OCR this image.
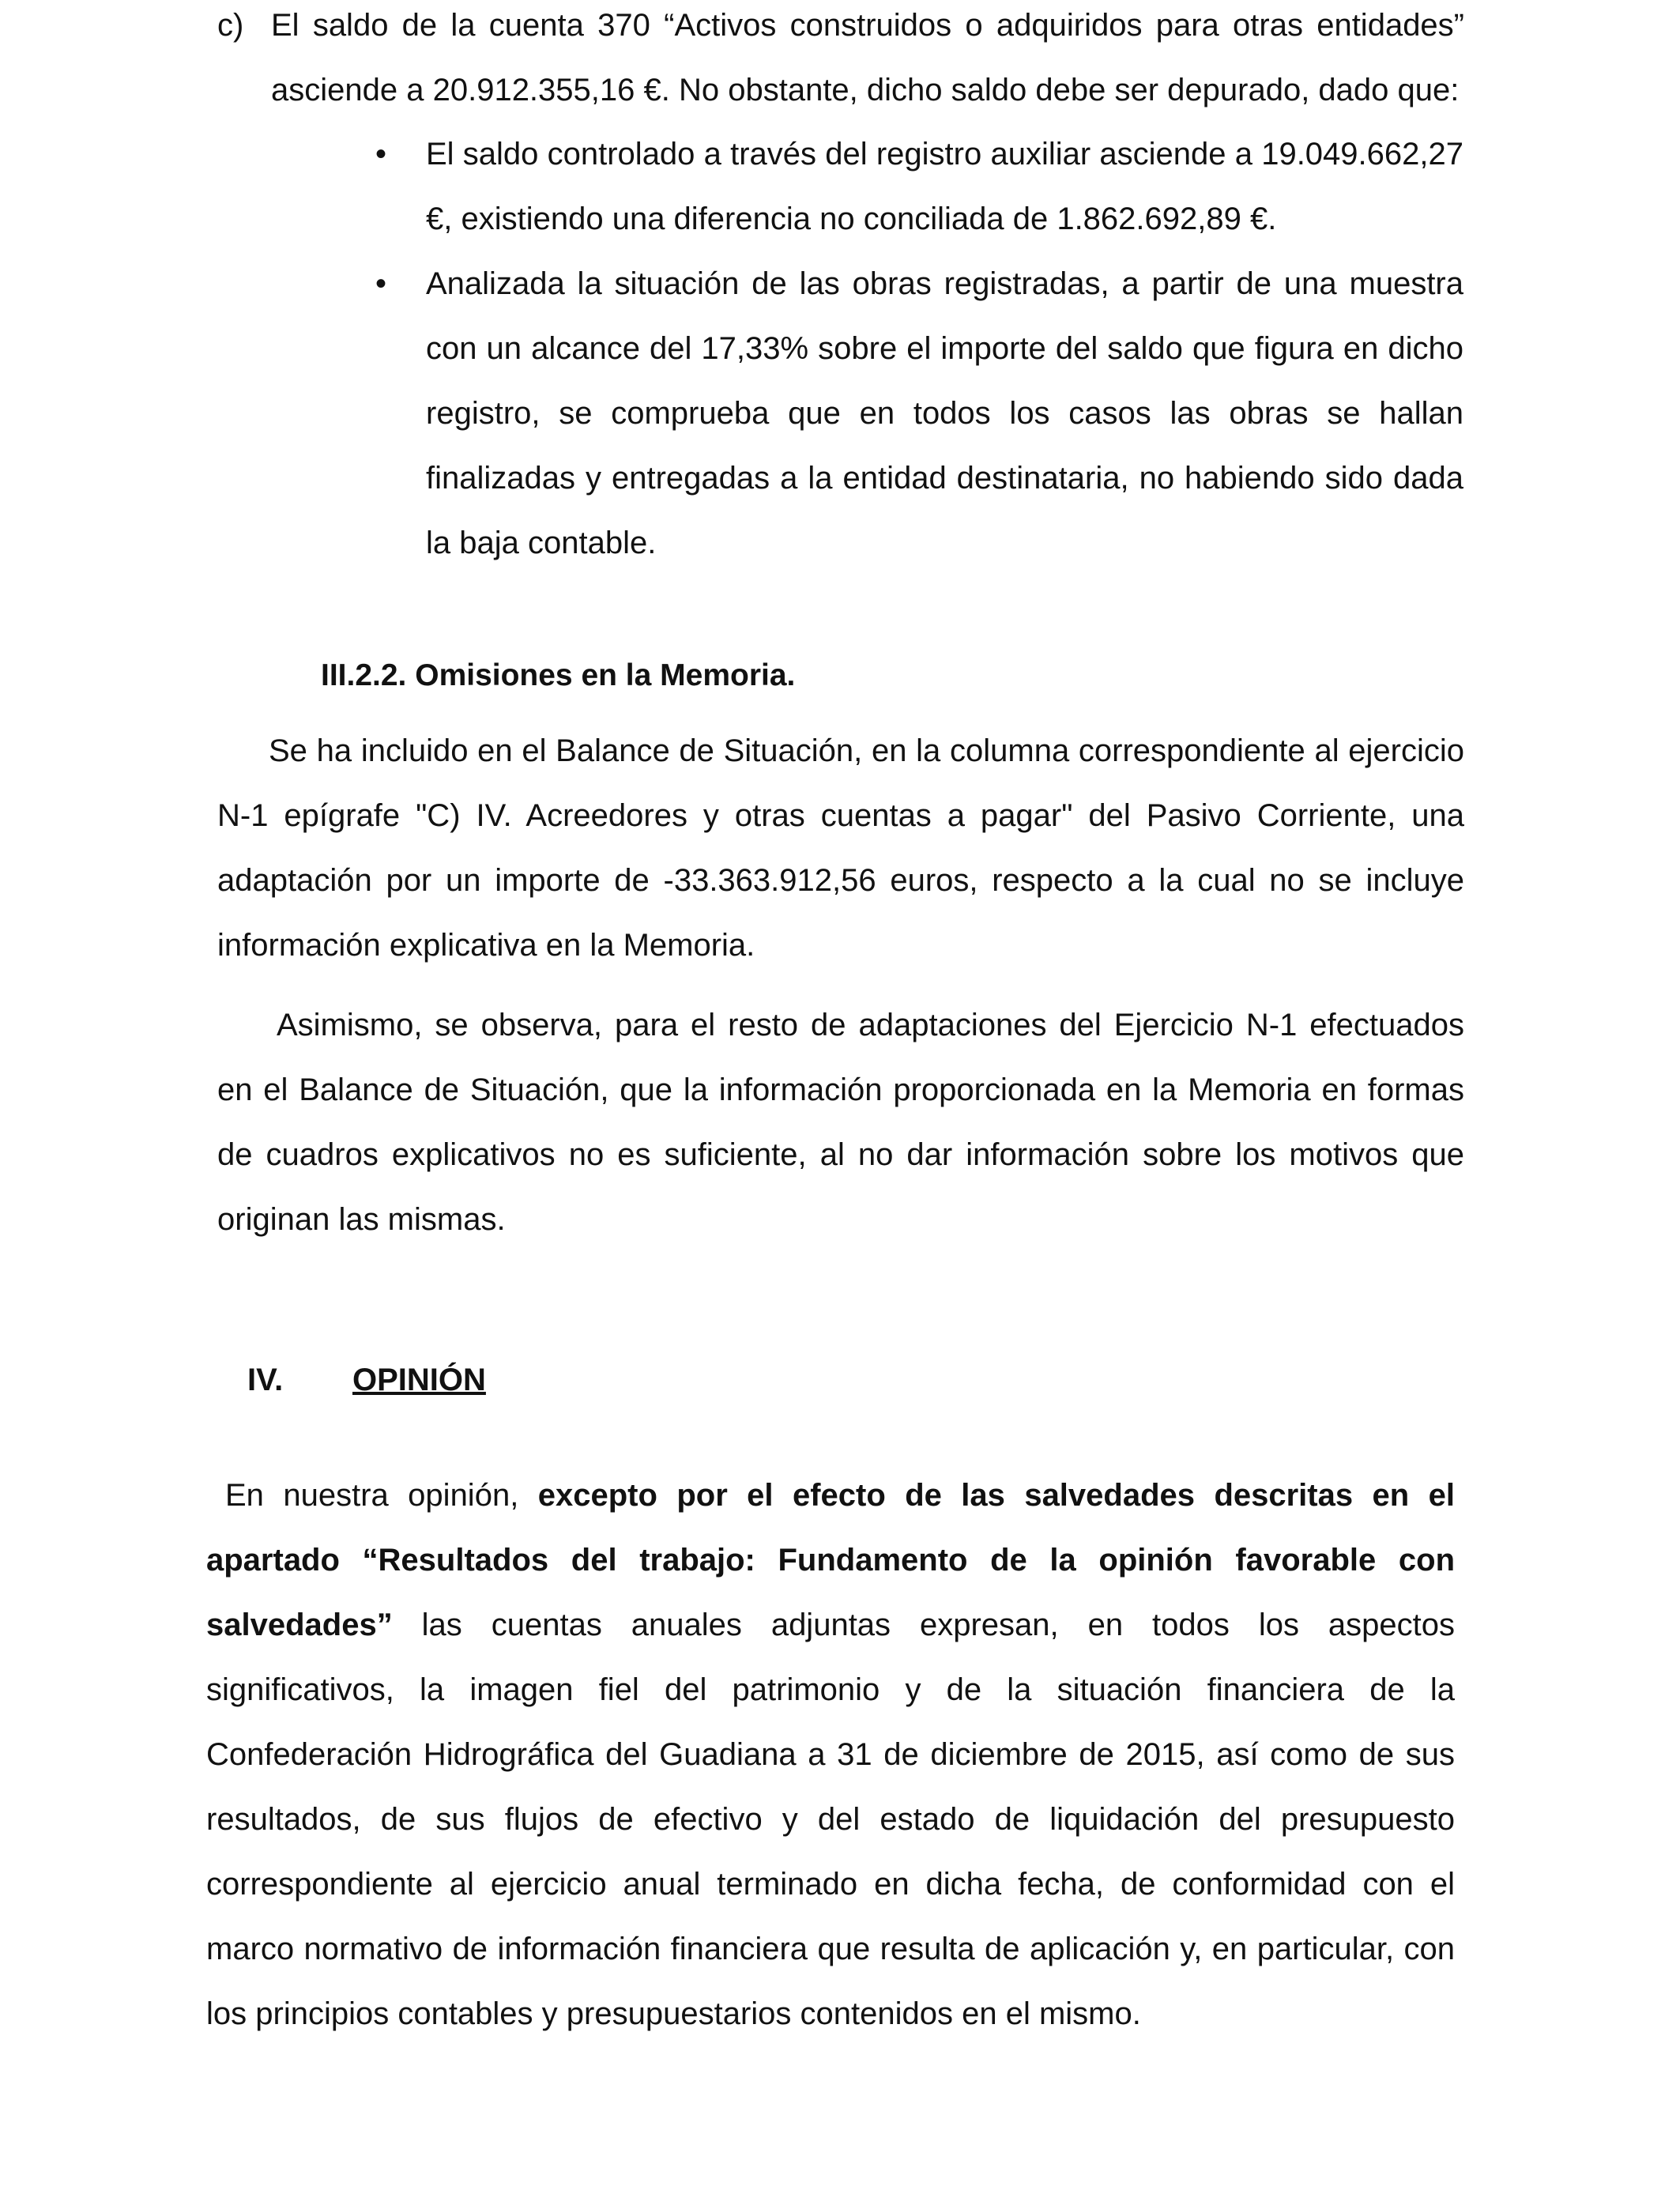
c) El saldo de la cuenta 370 “Activos construidos o adquiridos para otras entidades” asciende a 20.912.355,16 €. No obstante, dicho saldo debe ser depurado, dado que:
• El saldo controlado a través del registro auxiliar asciende a 19.049.662,27 €, existiendo una diferencia no conciliada de 1.862.692,89 €.
• Analizada la situación de las obras registradas, a partir de una muestra con un alcance del 17,33% sobre el importe del saldo que figura en dicho registro, se comprueba que en todos los casos las obras se hallan finalizadas y entregadas a la entidad destinataria, no habiendo sido dada la baja contable.
III.2.2. Omisiones en la Memoria.

Se ha incluido en el Balance de Situación, en la columna correspondiente al ejercicio N-1 epígrafe "C) IV. Acreedores y otras cuentas a pagar" del Pasivo Corriente, una adaptación por un importe de -33.363.912,56 euros, respecto a la cual no se incluye información explicativa en la Memoria.

Asimismo, se observa, para el resto de adaptaciones del Ejercicio N-1 efectuados en el Balance de Situación, que la información proporcionada en la Memoria en formas de cuadros explicativos no es suficiente, al no dar información sobre los motivos que originan las mismas.

IV. OPINIÓN

En nuestra opinión, excepto por el efecto de las salvedades descritas en el apartado “Resultados del trabajo: Fundamento de la opinión favorable con salvedades” las cuentas anuales adjuntas expresan, en todos los aspectos significativos, la imagen fiel del patrimonio y de la situación financiera de la Confederación Hidrográfica del Guadiana a 31 de diciembre de 2015, así como de sus resultados, de sus flujos de efectivo y del estado de liquidación del presupuesto correspondiente al ejercicio anual terminado en dicha fecha, de conformidad con el marco normativo de información financiera que resulta de aplicación y, en particular, con los principios contables y presupuestarios contenidos en el mismo.
